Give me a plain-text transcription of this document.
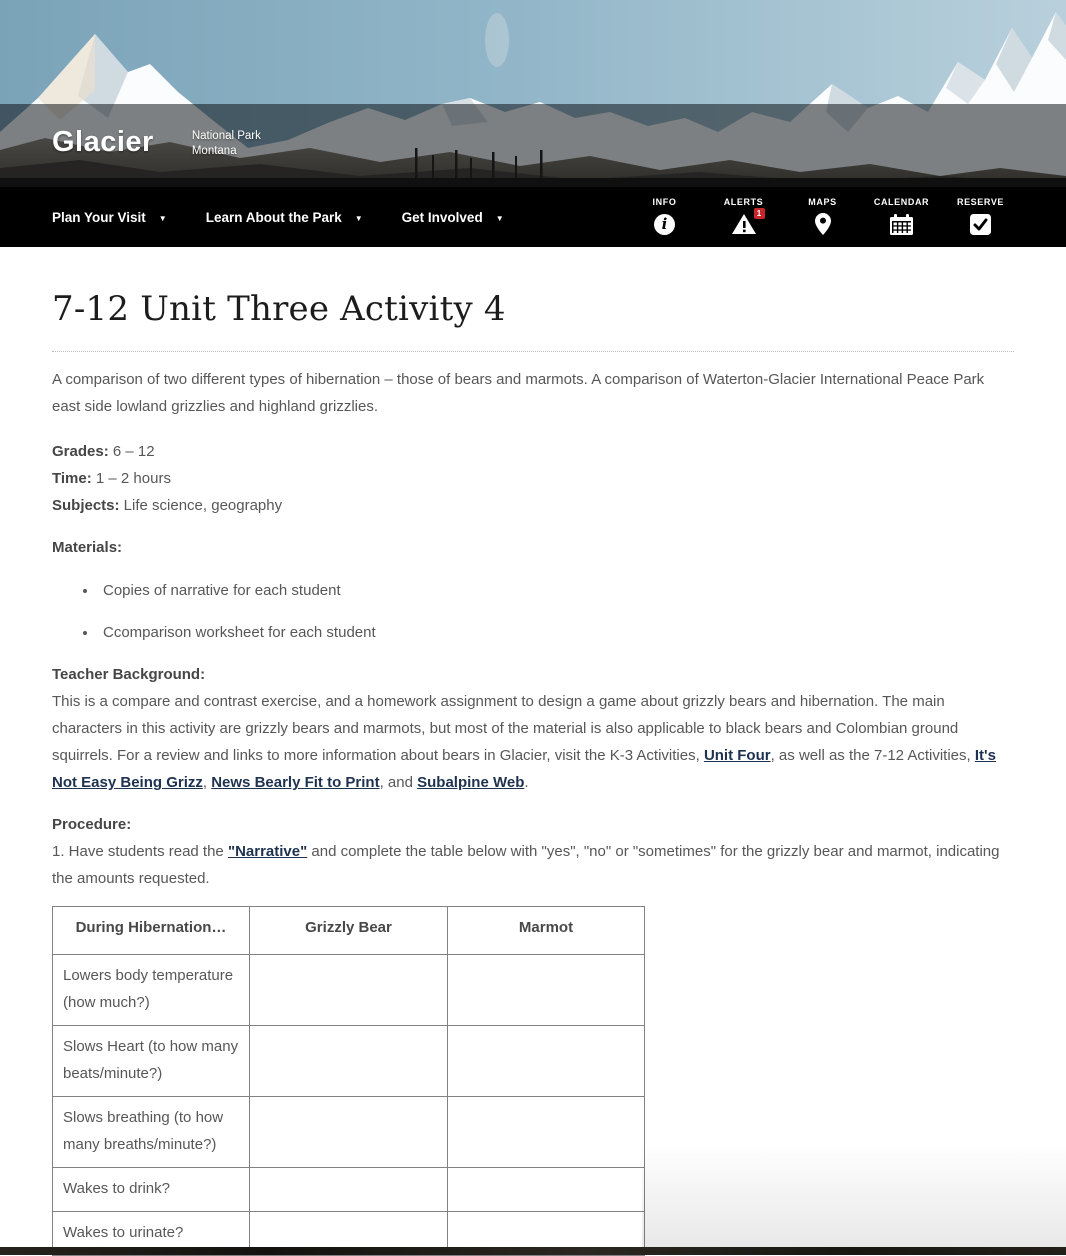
Glacier	National Park
Montana
Plan Your Visit ▼	Learn About the Park ▼	Get Involved ▼
INFO
i
ALERTS
1
MAPS	CALENDAR	RESERVE
7-12 Unit Three Activity 4

A comparison of two different types of hibernation – those of bears and marmots. A comparison of Waterton-Glacier International Peace Park east side lowland grizzlies and highland grizzlies.

Grades: 6 – 12
Time: 1 – 2 hours
Subjects: Life science, geography

Materials:

• Copies of narrative for each student
• Ccomparison worksheet for each student

Teacher Background:

This is a compare and contrast exercise, and a homework assignment to design a game about grizzly bears and hibernation. The main characters in this activity are grizzly bears and marmots, but most of the material is also applicable to black bears and Colombian ground squirrels. For a review and links to more information about bears in Glacier, visit the K-3 Activities, Unit Four, as well as the 7-12 Activities, It's Not Easy Being Grizz, News Bearly Fit to Print, and Subalpine Web.

Procedure:

1. Have students read the "Narrative" and complete the table below with "yes", "no" or "sometimes" for the grizzly bear and marmot, indicating the amounts requested.

During Hibernation…	Grizzly Bear	Marmot
Lowers body temperature (how much?)		
Slows Heart (to how many beats/minute?)		
Slows breathing (to how many breaths/minute?)		
Wakes to drink?		
Wakes to urinate?		
